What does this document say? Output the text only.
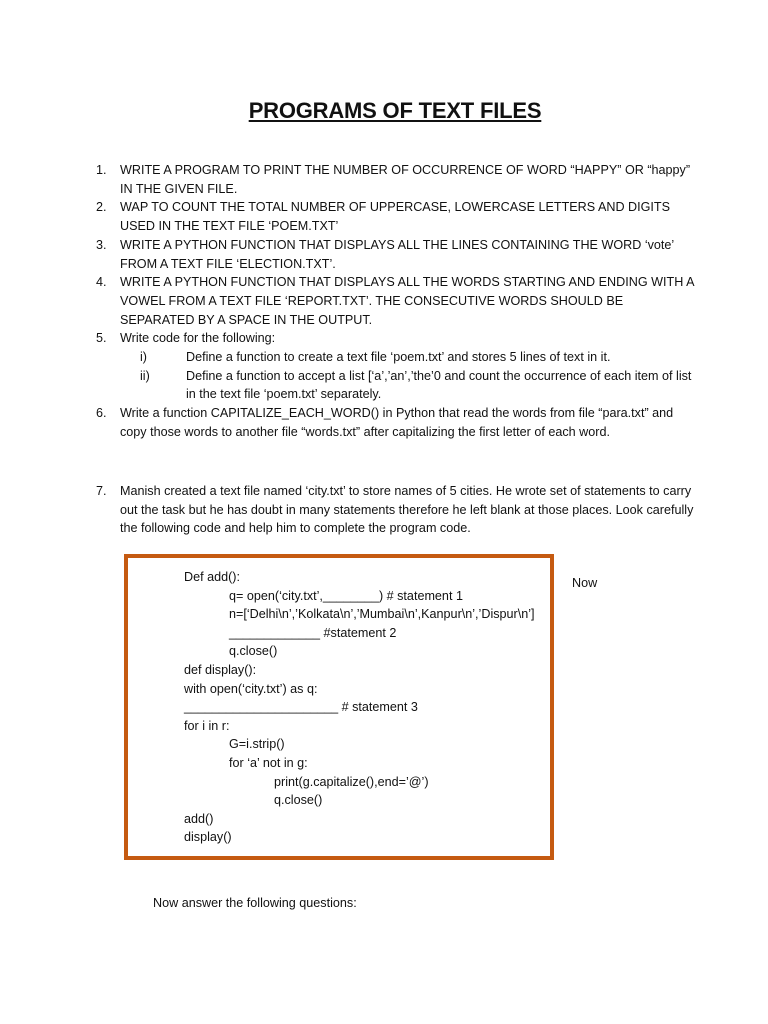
PROGRAMS OF TEXT FILES
1.	WRITE A PROGRAM TO PRINT THE NUMBER OF OCCURRENCE OF WORD “HAPPY” OR “happy” IN THE GIVEN FILE.
2.	WAP TO COUNT THE TOTAL NUMBER OF UPPERCASE, LOWERCASE LETTERS AND DIGITS USED IN THE TEXT FILE ‘POEM.TXT’
3.	WRITE A PYTHON FUNCTION THAT DISPLAYS ALL THE LINES CONTAINING THE WORD ‘vote’ FROM A TEXT FILE ‘ELECTION.TXT’.
4.	WRITE A PYTHON FUNCTION THAT DISPLAYS ALL THE WORDS STARTING AND ENDING WITH A VOWEL FROM A TEXT FILE ‘REPORT.TXT’. THE CONSECUTIVE WORDS SHOULD BE SEPARATED BY A SPACE IN THE OUTPUT.
5.	Write code for the following:
i)	Define a function to create a text file ‘poem.txt’ and stores 5 lines of text in it.
ii)	Define a function to accept a list [‘a’,’an’,’the’0 and count the occurrence of each item of list in the text file ‘poem.txt’ separately.
6.	Write a function CAPITALIZE_EACH_WORD() in Python that read the words from file “para.txt” and copy those words to another file “words.txt” after capitalizing the first letter of each word.
7.	Manish created a text file named ‘city.txt’ to store names of 5 cities. He wrote set of statements to carry out the task but he has doubt in many statements therefore he left blank at those places. Look carefully the following code and help him to complete the program code.
Def add():
q= open(‘city.txt’,________) # statement 1
n=[‘Delhi\n’,’Kolkata\n’,’Mumbai\n’,Kanpur\n’,’Dispur\n’]
_____________ #statement 2
q.close()
def display():
with open(‘city.txt’) as q:
______________________ # statement 3
for i in r:
G=i.strip()
for ‘a’ not in g:
print(g.capitalize(),end=’@’)
q.close()
add()
display()
Now
Now answer the following questions:
